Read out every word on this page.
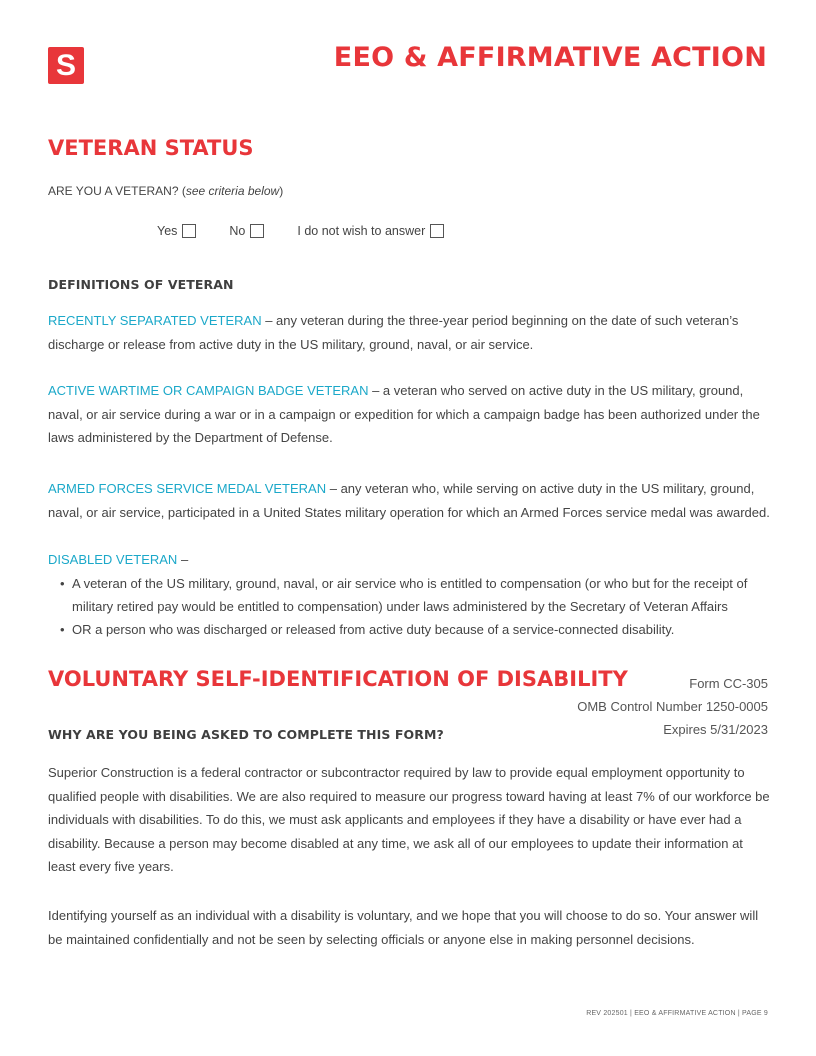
S	EEO & AFFIRMATIVE ACTION
VETERAN STATUS
ARE YOU A VETERAN? (see criteria below)
Yes	No	I do not wish to answer
DEFINITIONS OF VETERAN

RECENTLY SEPARATED VETERAN – any veteran during the three-year period beginning on the date of such veteran’s discharge or release from active duty in the US military, ground, naval, or air service.

ACTIVE WARTIME OR CAMPAIGN BADGE VETERAN – a veteran who served on active duty in the US military, ground, naval, or air service during a war or in a campaign or expedition for which a campaign badge has been authorized under the laws administered by the Department of Defense.

ARMED FORCES SERVICE MEDAL VETERAN – any veteran who, while serving on active duty in the US military, ground, naval, or air service, participated in a United States military operation for which an Armed Forces service medal was awarded.

DISABLED VETERAN –

• A veteran of the US military, ground, naval, or air service who is entitled to compensation (or who but for the receipt of military retired pay would be entitled to compensation) under laws administered by the Secretary of Veteran Affairs
• OR a person who was discharged or released from active duty because of a service-connected disability.
VOLUNTARY SELF-IDENTIFICATION OF DISABILITY	Form CC-305
OMB Control Number 1250-0005
Expires 5/31/2023
WHY ARE YOU BEING ASKED TO COMPLETE THIS FORM?

Superior Construction is a federal contractor or subcontractor required by law to provide equal employment opportunity to qualified people with disabilities. We are also required to measure our progress toward having at least 7% of our workforce be individuals with disabilities. To do this, we must ask applicants and employees if they have a disability or have ever had a disability. Because a person may become disabled at any time, we ask all of our employees to update their information at least every five years.

Identifying yourself as an individual with a disability is voluntary, and we hope that you will choose to do so. Your answer will be maintained confidentially and not be seen by selecting officials or anyone else in making personnel decisions.

REV 202501 | EEO & AFFIRMATIVE ACTION | PAGE 9
